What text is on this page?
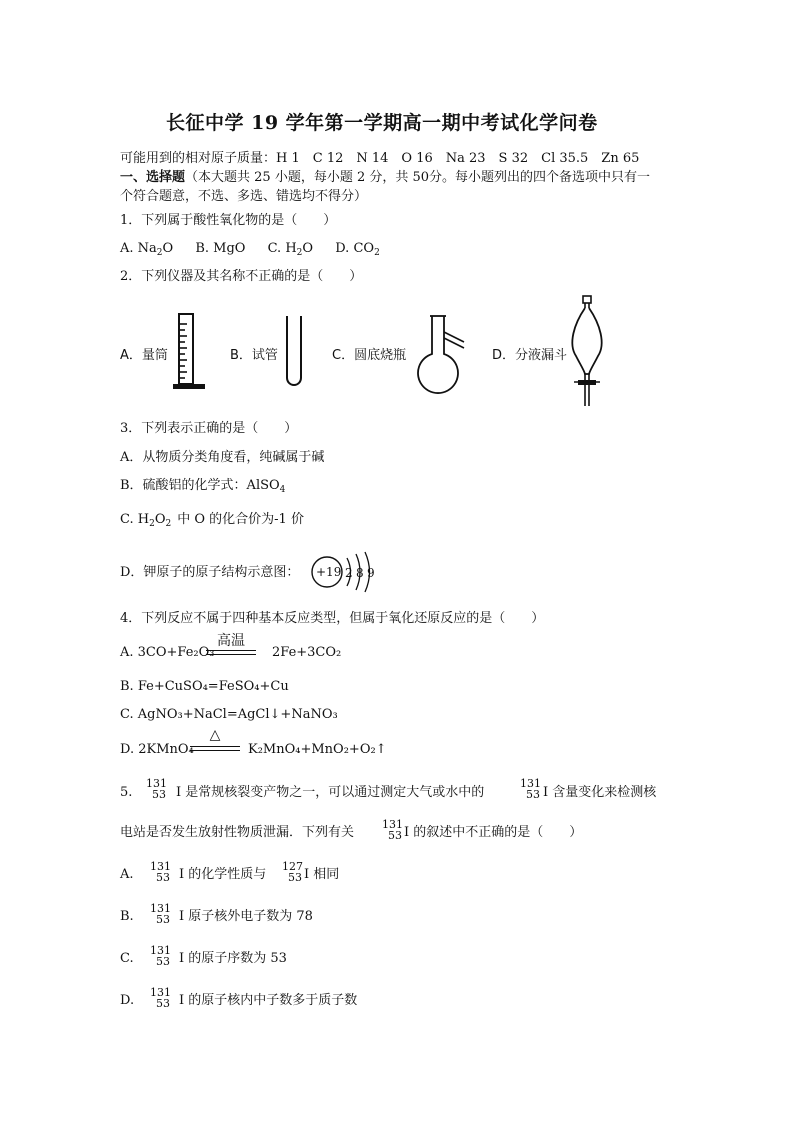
长征中学 19 学年第一学期高一期中考试化学问卷
可能用到的相对原子质量：H 1　C 12　N 14　O 16　Na 23　S 32　Cl 35.5　Zn 65
一、选择题（本大题共 25 小题，每小题 2 分，共 50分。每小题列出的四个备选项中只有一
个符合题意，不选、多选、错选均不得分）
1．下列属于酸性氧化物的是（　　）
A. $Na_2O$ B. MgO C. $H_2O$ D. $CO_2$
2．下列仪器及其名称不正确的是（　　）
A．量筒	B．试管	C．圆底烧瓶	D．分液漏斗
3．下列表示正确的是（　　）
A．从物质分类角度看，纯碱属于碱
B．硫酸铝的化学式：AlSO$_4$
C. $H_2O_2$ 中 O 的化合价为-1 价
D．钾原子的原子结构示意图： +19 2 8 9
4．下列反应不属于四种基本反应类型，但属于氧化还原反应的是（　　）
A. 3CO+Fe₂O₃
高温
2Fe+3CO₂
B. Fe+CuSO₄=FeSO₄+Cu
C. AgNO₃+NaCl=AgCl↓+NaNO₃
D. 2KMnO₄
△
K₂MnO₄+MnO₂+O₂↑
5.
131
53 I 是常规核裂变产物之一，可以通过测定大气或水中的
131
53 I 含量变化来检测核
电站是否发生放射性物质泄漏．下列有关
131
53 I 的叙述中不正确的是（　　）
A.
131
53 I 的化学性质与
127
53 I 相同
B.
131
53 I 原子核外电子数为 78
C.
131
53 I 的原子序数为 53
D.
131
53 I 的原子核内中子数多于质子数
